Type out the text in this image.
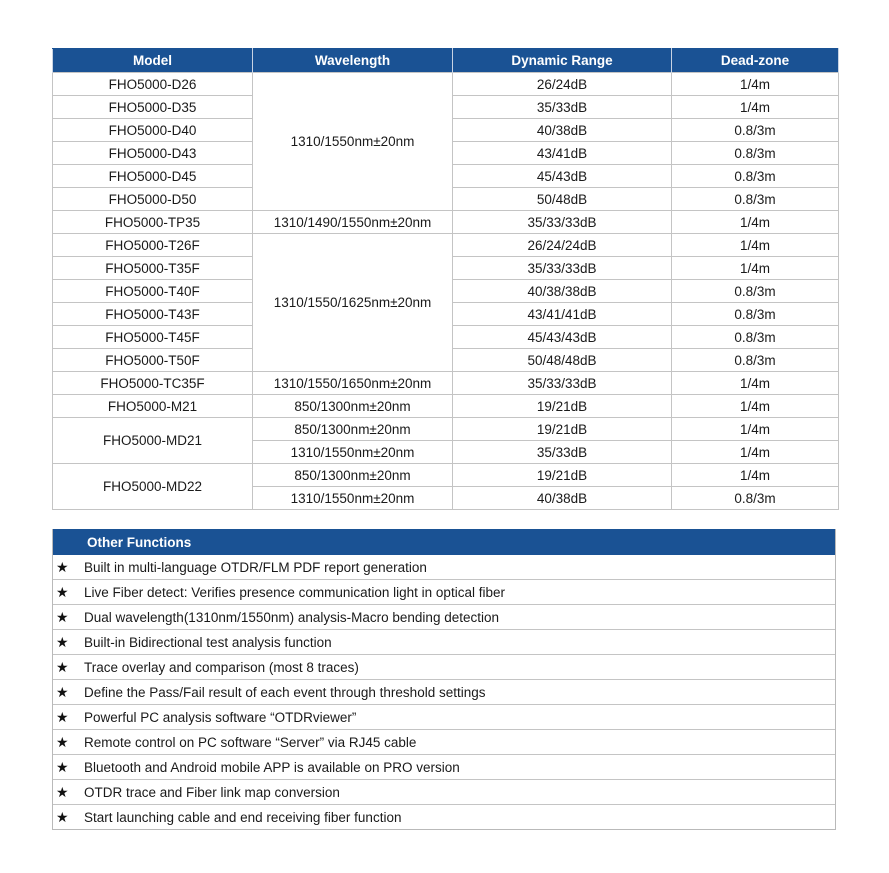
Model	Wavelength	Dynamic Range	Dead-zone
FHO5000-D26	1310/1550nm±20nm	26/24dB	1/4m
FHO5000-D35		35/33dB	1/4m
FHO5000-D40		40/38dB	0.8/3m
FHO5000-D43		43/41dB	0.8/3m
FHO5000-D45		45/43dB	0.8/3m
FHO5000-D50		50/48dB	0.8/3m
FHO5000-TP35	1310/1490/1550nm±20nm	35/33/33dB	1/4m
FHO5000-T26F	1310/1550/1625nm±20nm	26/24/24dB	1/4m
FHO5000-T35F		35/33/33dB	1/4m
FHO5000-T40F		40/38/38dB	0.8/3m
FHO5000-T43F		43/41/41dB	0.8/3m
FHO5000-T45F		45/43/43dB	0.8/3m
FHO5000-T50F		50/48/48dB	0.8/3m
FHO5000-TC35F	1310/1550/1650nm±20nm	35/33/33dB	1/4m
FHO5000-M21	850/1300nm±20nm	19/21dB	1/4m
FHO5000-MD21	850/1300nm±20nm	19/21dB	1/4m
	1310/1550nm±20nm	35/33dB	1/4m
FHO5000-MD22	850/1300nm±20nm	19/21dB	1/4m
	1310/1550nm±20nm	40/38dB	0.8/3m
Other Functions
★	Built in multi-language OTDR/FLM PDF report generation
★	Live Fiber detect: Verifies presence communication light in optical fiber
★	Dual wavelength(1310nm/1550nm) analysis-Macro bending detection
★	Built-in Bidirectional test analysis function
★	Trace overlay and comparison (most 8 traces)
★	Define the Pass/Fail result of each event through threshold settings
★	Powerful PC analysis software “OTDRviewer”
★	Remote control on PC software “Server” via RJ45 cable
★	Bluetooth and Android mobile APP is available on PRO version
★	OTDR trace and Fiber link map conversion
★	Start launching cable and end receiving fiber function
